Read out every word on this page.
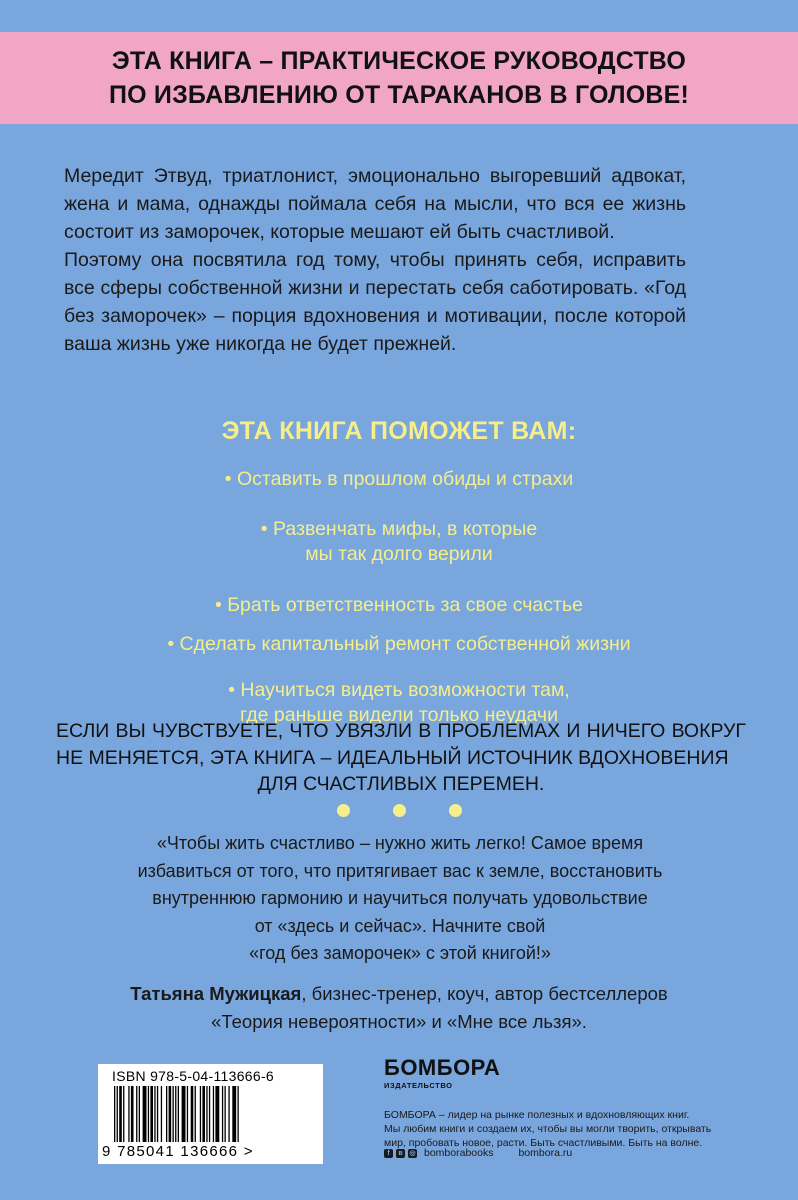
ЭТА КНИГА – ПРАКТИЧЕСКОЕ РУКОВОДСТВО
ПО ИЗБАВЛЕНИЮ ОТ ТАРАКАНОВ В ГОЛОВЕ!

Мередит Этвуд, триатлонист, эмоционально выгоревший адвокат, жена и мама, однажды поймала себя на мысли, что вся ее жизнь состоит из заморочек, которые мешают ей быть счастливой.

Поэтому она посвятила год тому, чтобы принять себя, исправить все сферы собственной жизни и перестать себя саботировать. «Год без заморочек» – порция вдохновения и мотивации, после которой ваша жизнь уже никогда не будет прежней.

ЭТА КНИГА ПОМОЖЕТ ВАМ:
• Оставить в прошлом обиды и страхи
• Развенчать мифы, в которые
мы так долго верили
• Брать ответственность за свое счастье
• Сделать капитальный ремонт собственной жизни
• Научиться видеть возможности там,
где раньше видели только неудачи
ЕСЛИ ВЫ ЧУВСТВУЕТЕ, ЧТО УВЯЗЛИ В ПРОБЛЕМАХ И НИЧЕГО ВОКРУГ НЕ МЕНЯЕТСЯ, ЭТА КНИГА – ИДЕАЛЬНЫЙ ИСТОЧНИК ВДОХНОВЕНИЯ
ДЛЯ СЧАСТЛИВЫХ ПЕРЕМЕН.
«Чтобы жить счастливо – нужно жить легко! Самое время
избавиться от того, что притягивает вас к земле, восстановить
внутреннюю гармонию и научиться получать удовольствие
от «здесь и сейчас». Начните свой
«год без заморочек» с этой книгой!»
Татьяна Мужицкая, бизнес-тренер, коуч, автор бестселлеров
«Теория невероятности» и «Мне все льзя».
ISBN 978-5-04-113666-6
9 785041 136666 >
БОМБОРА
ИЗДАТЕЛЬСТВО
БОМБОРА – лидер на рынке полезных и вдохновляющих книг.
Мы любим книги и создаем их, чтобы вы могли творить, открывать
мир, пробовать новое, расти. Быть счастливыми. Быть на волне.
f	в ◎ bomborabooks bombora.ru
